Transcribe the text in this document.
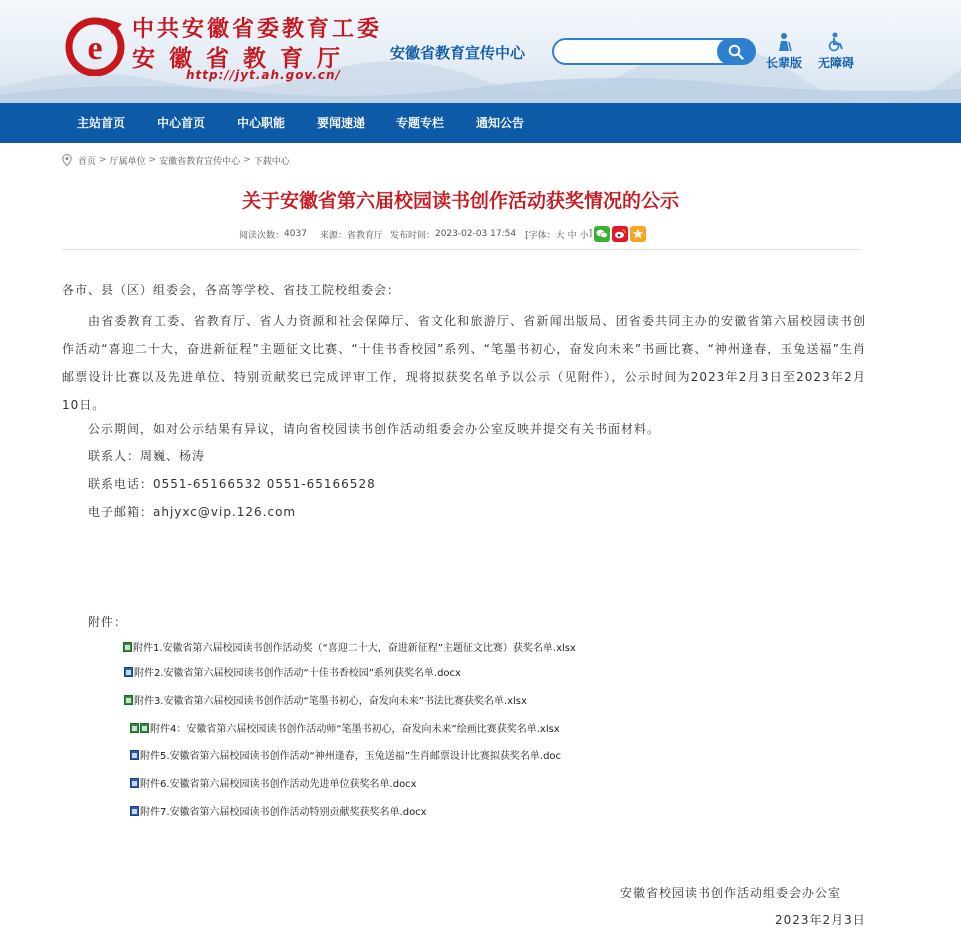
e
中共安徽省委教育工委
安徽省教育厅
http://jyt.ah.gov.cn/
安徽省教育宣传中心
长辈版	无障碍
主站首页	中心首页	中心职能	要闻速递	专题专栏	通知公告
首页 > 厅属单位 > 安徽省教育宣传中心 > 下载中心
关于安徽省第六届校园读书创作活动获奖情况的公示
阅读次数： 4037 来源： 省教育厅 发布时间： 2023-02-03 17:54 [字体： 大 中 小 ]
各市、县（区）组委会，各高等学校、省技工院校组委会：
由省委教育工委、省教育厅、省人力资源和社会保障厅、省文化和旅游厅、省新闻出版局、团省委共同主办的安徽省第六届校园读书创作活动“喜迎二十大，奋进新征程”主题征文比赛、“十佳书香校园”系列、“笔墨书初心，奋发向未来”书画比赛、“神州逢春，玉兔送福”生肖邮票设计比赛以及先进单位、特别贡献奖已完成评审工作，现将拟获奖名单予以公示（见附件），公示时间为2023年2月3日至2023年2月10日。
公示期间，如对公示结果有异议，请向省校园读书创作活动组委会办公室反映并提交有关书面材料。
联系人：周巍、杨涛
联系电话：0551-65166532 0551-65166528
电子邮箱：ahjyxc@vip.126.com
附件：
附件1.安徽省第六届校园读书创作活动奖（“喜迎二十大，奋进新征程”主题征文比赛）获奖名单.xlsx
附件2.安徽省第六届校园读书创作活动“十佳书香校园”系列获奖名单.docx
附件3.安徽省第六届校园读书创作活动“笔墨书初心，奋发向未来”书法比赛获奖名单.xlsx
附件4：安徽省第六届校园读书创作活动师“笔墨书初心，奋发向未来”绘画比赛获奖名单.xlsx
附件5.安徽省第六届校园读书创作活动“神州逢春，玉兔送福”生肖邮票设计比赛拟获奖名单.doc
附件6.安徽省第六届校园读书创作活动先进单位获奖名单.docx
附件7.安徽省第六届校园读书创作活动特别贡献奖获奖名单.docx
安徽省校园读书创作活动组委会办公室
2023年2月3日
